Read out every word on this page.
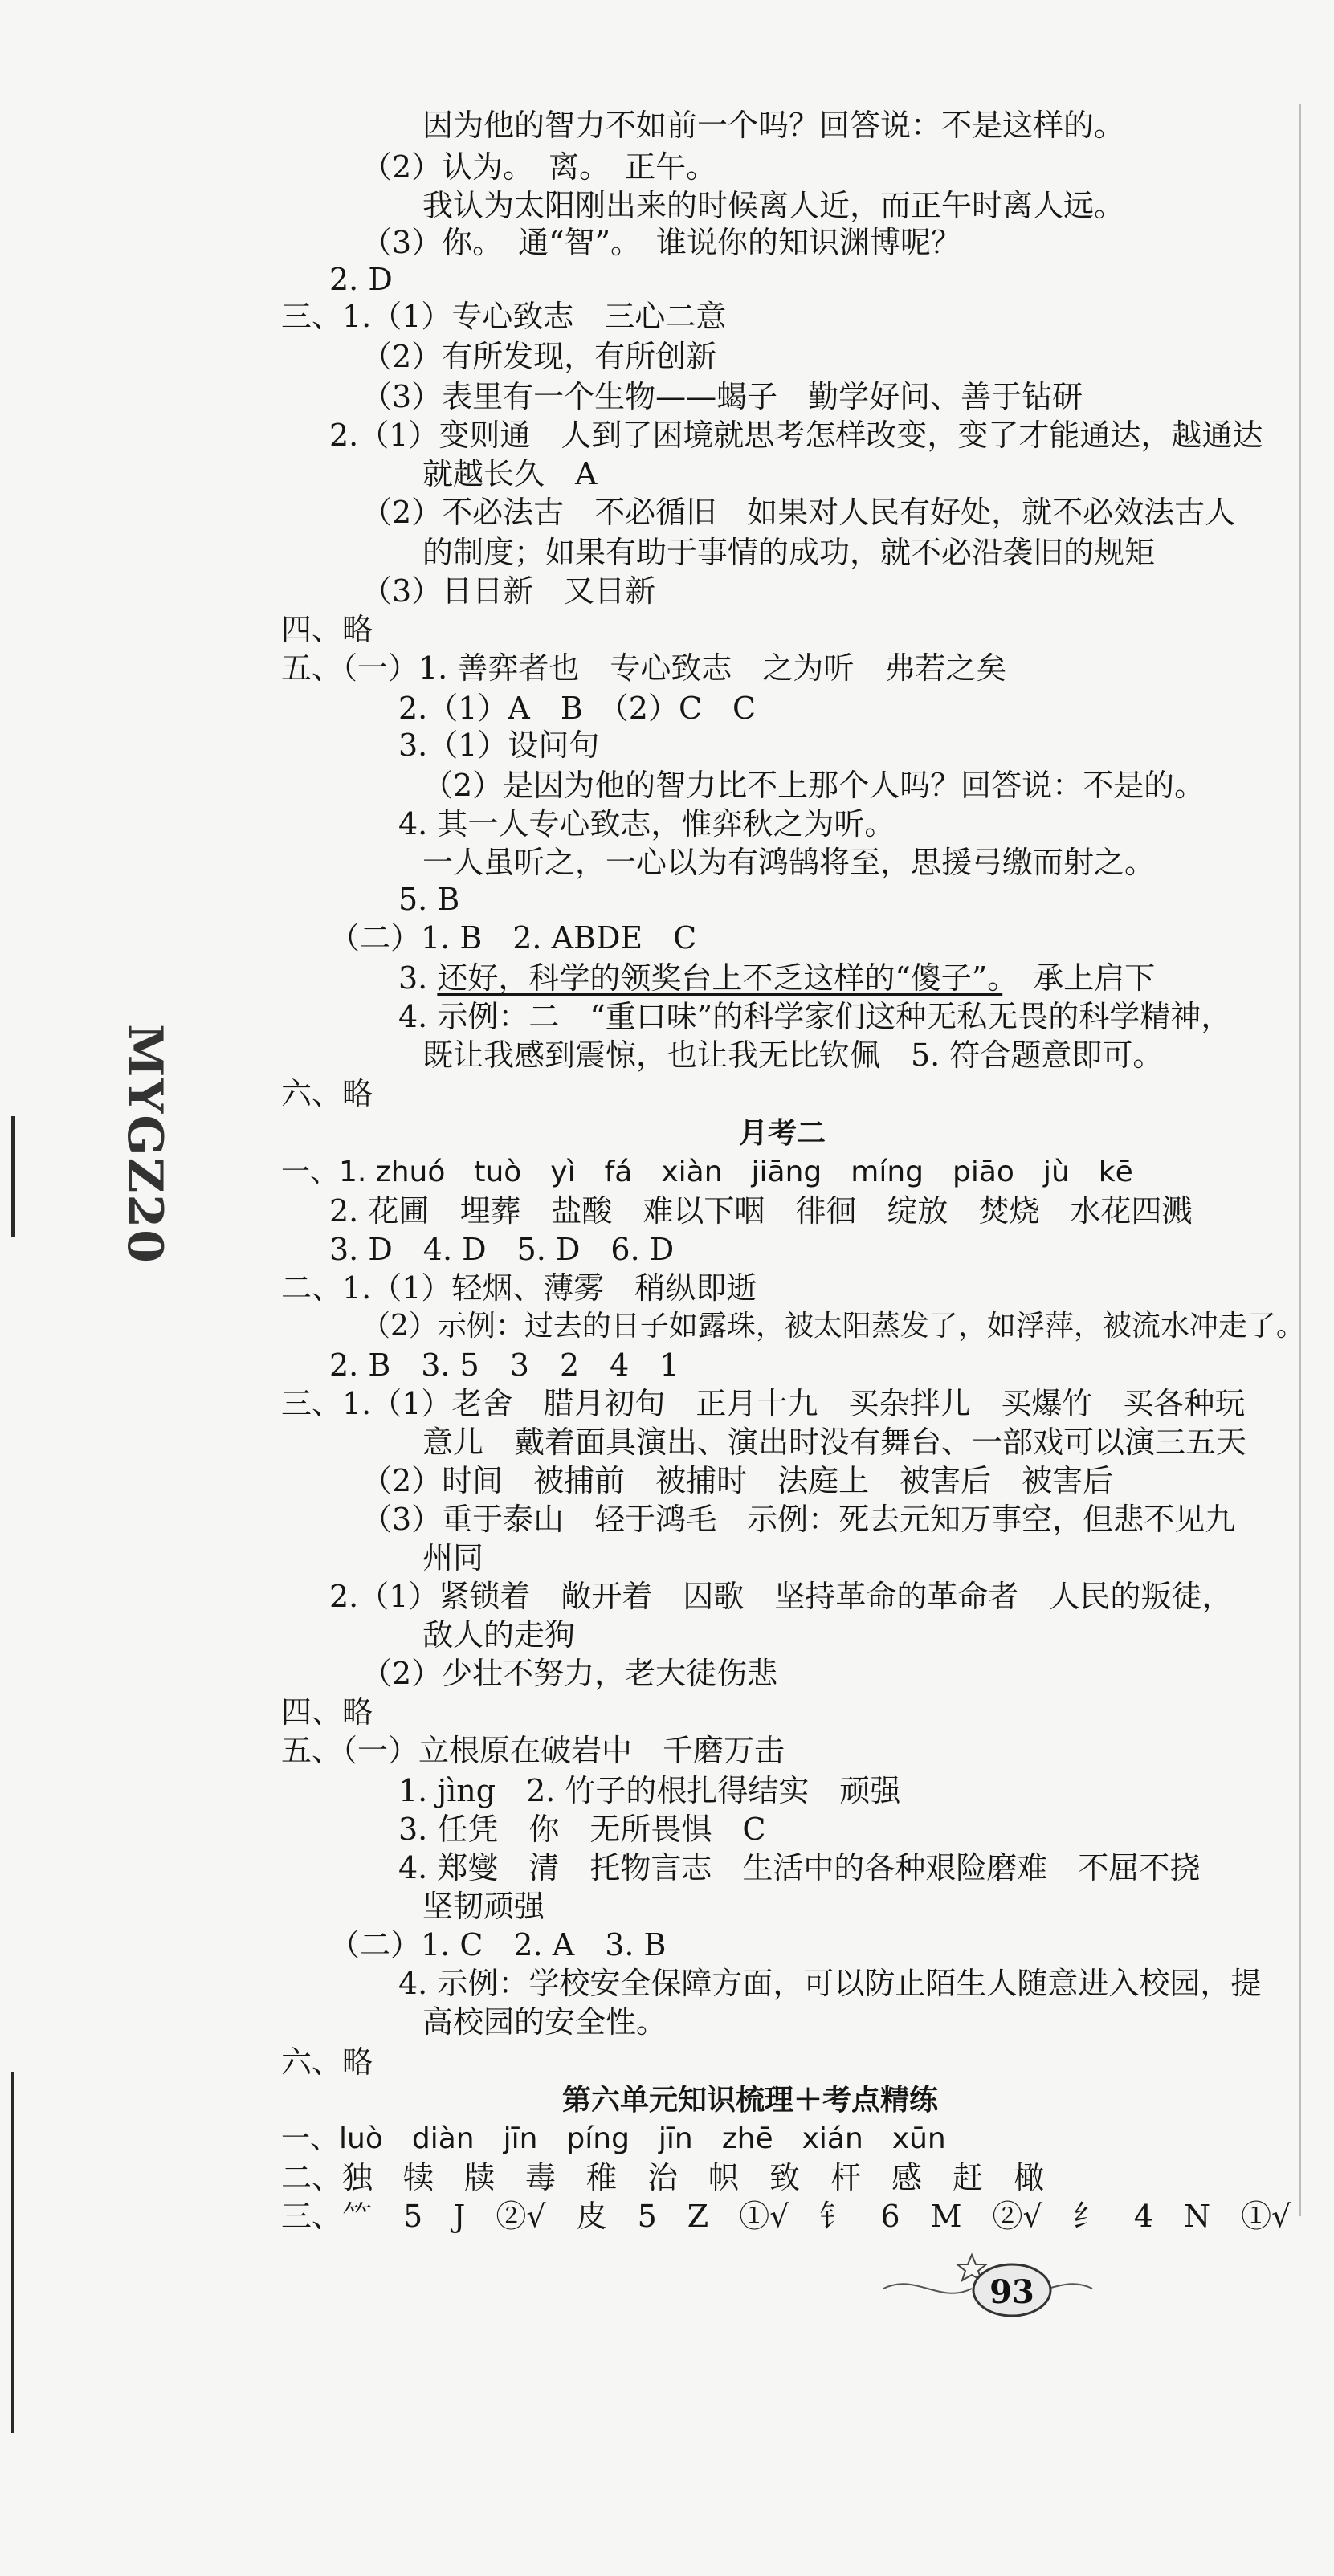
MYGZ20
因为他的智力不如前一个吗？回答说：不是这样的。
（2）认为。　离。　正午。
我认为太阳刚出来的时候离人近，而正午时离人远。
（3）你。　通“智”。　谁说你的知识渊博呢？
2. D
三、1.（1）专心致志　三心二意
（2）有所发现，有所创新
（3）表里有一个生物——蝎子　勤学好问、善于钻研
2.（1）变则通　人到了困境就思考怎样改变，变了才能通达，越通达
就越长久　A
（2）不必法古　不必循旧　如果对人民有好处，就不必效法古人
的制度；如果有助于事情的成功，就不必沿袭旧的规矩
（3）日日新　又日新
四、略
五、（一）1. 善弈者也　专心致志　之为听　弗若之矣
2.（1）A　B　（2）C　C
3.（1）设问句
（2）是因为他的智力比不上那个人吗？回答说：不是的。
4. 其一人专心致志，惟弈秋之为听。
一人虽听之，一心以为有鸿鹄将至，思援弓缴而射之。
5. B
（二）1. B　2. ABDE　C
3. 还好，科学的领奖台上不乏这样的“傻子”。　承上启下
4. 示例：二　“重口味”的科学家们这种无私无畏的科学精神，
既让我感到震惊，也让我无比钦佩　5. 符合题意即可。
六、略
月考二
一、1. zhuó　tuò　yì　fá　xiàn　jiāng　míng　piāo　jù　kē
2. 花圃　埋葬　盐酸　难以下咽　徘徊　绽放　焚烧　水花四溅
3. D　4. D　5. D　6. D
二、1.（1）轻烟、薄雾　稍纵即逝
（2）示例：过去的日子如露珠，被太阳蒸发了，如浮萍，被流水冲走了。
2. B　3. 5　3　2　4　1
三、1.（1）老舍　腊月初旬　正月十九　买杂拌儿　买爆竹　买各种玩
意儿　戴着面具演出、演出时没有舞台、一部戏可以演三五天
（2）时间　被捕前　被捕时　法庭上　被害后　被害后
（3）重于泰山　轻于鸿毛　示例：死去元知万事空，但悲不见九
州同
2.（1）紧锁着　敞开着　囚歌　坚持革命的革命者　人民的叛徒，
敌人的走狗
（2）少壮不努力，老大徒伤悲
四、略
五、（一）立根原在破岩中　千磨万击
1. jìng　2. 竹子的根扎得结实　顽强
3. 任凭　你　无所畏惧　C
4. 郑燮　清　托物言志　生活中的各种艰险磨难　不屈不挠
坚韧顽强
（二）1. C　2. A　3. B
4. 示例：学校安全保障方面，可以防止陌生人随意进入校园，提
高校园的安全性。
六、略
第六单元知识梳理＋考点精练
一、luò　diàn　jīn　píng　jīn　zhē　xián　xūn
二、独　犊　牍　毒　稚　治　帜　致　杆　感　赶　橄
三、⺮　5　J　②√　皮　5　Z　①√　钅　6　M　②√　纟　4　N　①√
93
